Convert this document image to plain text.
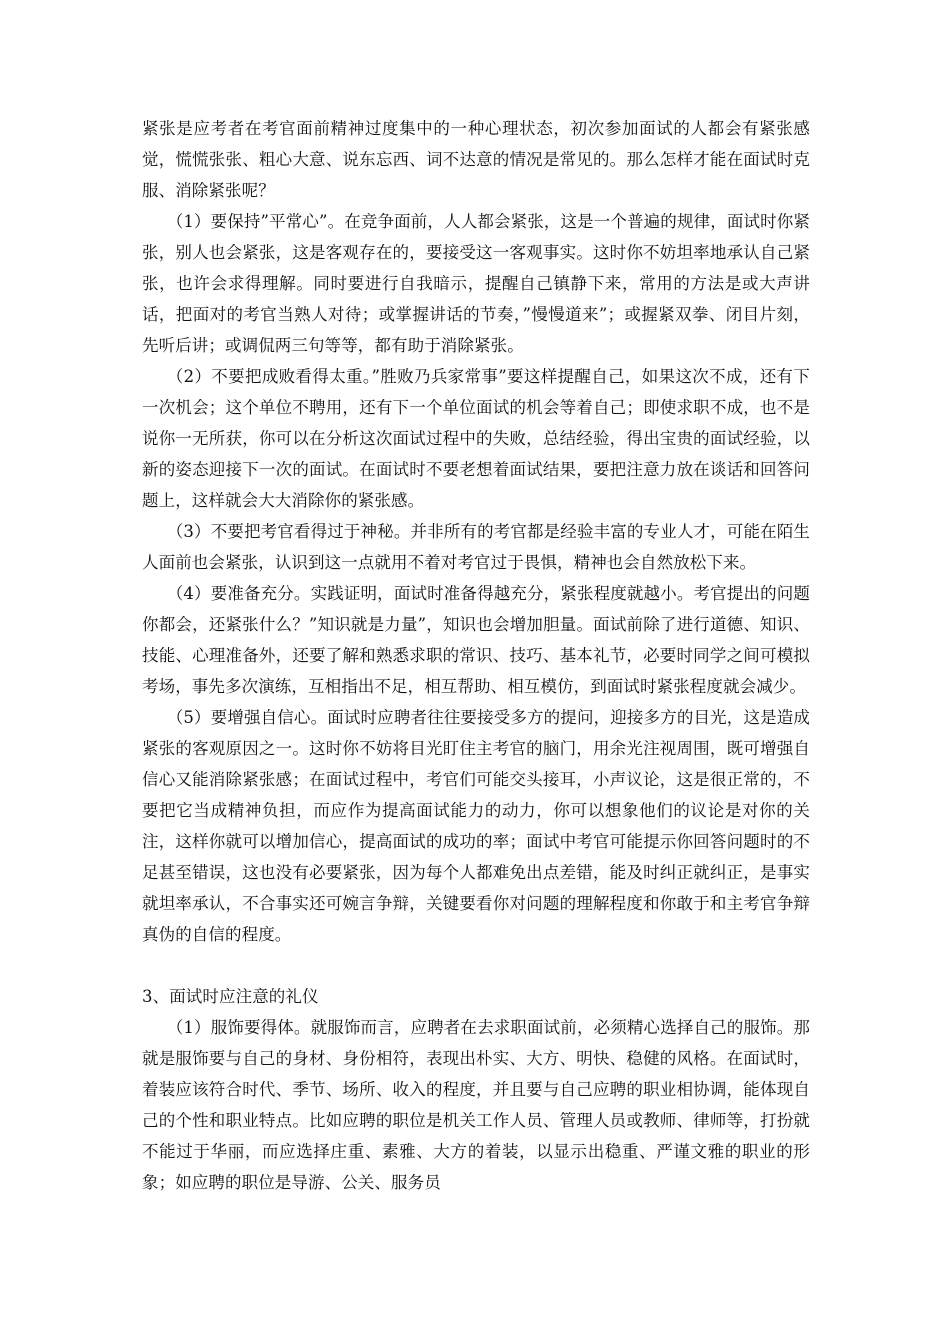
紧张是应考者在考官面前精神过度集中的一种心理状态，初次参加面试的人都会有紧张感觉，慌慌张张、粗心大意、说东忘西、词不达意的情况是常见的。那么怎样才能在面试时克服、消除紧张呢？

（1）要保持”平常心”。在竞争面前，人人都会紧张，这是一个普遍的规律，面试时你紧张，别人也会紧张，这是客观存在的，要接受这一客观事实。这时你不妨坦率地承认自己紧张，也许会求得理解。同时要进行自我暗示，提醒自己镇静下来，常用的方法是或大声讲话，把面对的考官当熟人对待；或掌握讲话的节奏，”慢慢道来”；或握紧双拳、闭目片刻，先听后讲；或调侃两三句等等，都有助于消除紧张。

（2）不要把成败看得太重。”胜败乃兵家常事”要这样提醒自己，如果这次不成，还有下一次机会；这个单位不聘用，还有下一个单位面试的机会等着自己；即使求职不成，也不是说你一无所获，你可以在分析这次面试过程中的失败，总结经验，得出宝贵的面试经验，以新的姿态迎接下一次的面试。在面试时不要老想着面试结果，要把注意力放在谈话和回答问题上，这样就会大大消除你的紧张感。

（3）不要把考官看得过于神秘。并非所有的考官都是经验丰富的专业人才，可能在陌生人面前也会紧张，认识到这一点就用不着对考官过于畏惧，精神也会自然放松下来。

（4）要准备充分。实践证明，面试时准备得越充分，紧张程度就越小。考官提出的问题你都会，还紧张什么？”知识就是力量”，知识也会增加胆量。面试前除了进行道德、知识、技能、心理准备外，还要了解和熟悉求职的常识、技巧、基本礼节，必要时同学之间可模拟考场，事先多次演练，互相指出不足，相互帮助、相互模仿，到面试时紧张程度就会减少。

（5）要增强自信心。面试时应聘者往往要接受多方的提问，迎接多方的目光，这是造成紧张的客观原因之一。这时你不妨将目光盯住主考官的脑门，用余光注视周围，既可增强自信心又能消除紧张感；在面试过程中，考官们可能交头接耳，小声议论，这是很正常的，不要把它当成精神负担，而应作为提高面试能力的动力，你可以想象他们的议论是对你的关注，这样你就可以增加信心，提高面试的成功的率；面试中考官可能提示你回答问题时的不足甚至错误，这也没有必要紧张，因为每个人都难免出点差错，能及时纠正就纠正，是事实就坦率承认，不合事实还可婉言争辩，关键要看你对问题的理解程度和你敢于和主考官争辩真伪的自信的程度。

3、面试时应注意的礼仪

（1）服饰要得体。就服饰而言，应聘者在去求职面试前，必须精心选择自己的服饰。那就是服饰要与自己的身材、身份相符，表现出朴实、大方、明快、稳健的风格。在面试时，着装应该符合时代、季节、场所、收入的程度，并且要与自己应聘的职业相协调，能体现自己的个性和职业特点。比如应聘的职位是机关工作人员、管理人员或教师、律师等，打扮就不能过于华丽，而应选择庄重、素雅、大方的着装，以显示出稳重、严谨文雅的职业的形象；如应聘的职位是导游、公关、服务员
